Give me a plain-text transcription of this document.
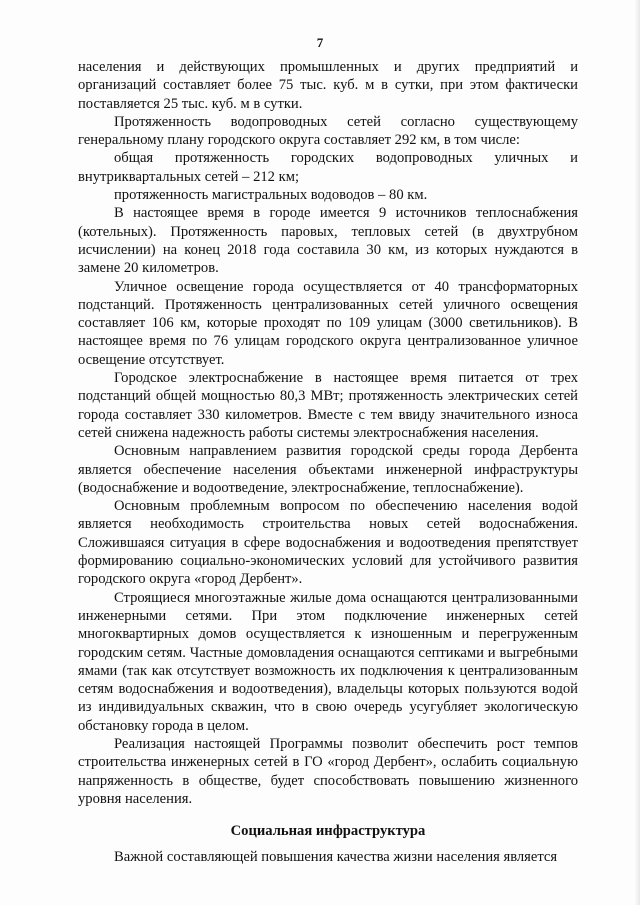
7

населения и действующих промышленных и других предприятий и организаций составляет более 75 тыс. куб. м в сутки, при этом фактически поставляется 25 тыс. куб. м в сутки.

Протяженность водопроводных сетей согласно существующему генеральному плану городского округа составляет 292 км, в том числе:

общая протяженность городских водопроводных уличных и внутриквартальных сетей – 212 км;

протяженность магистральных водоводов – 80 км.

В настоящее время в городе имеется 9 источников теплоснабжения (котельных). Протяженность паровых, тепловых сетей (в двухтрубном исчислении) на конец 2018 года составила 30 км, из которых нуждаются в замене 20 километров.

Уличное освещение города осуществляется от 40 трансформаторных подстанций. Протяженность централизованных сетей уличного освещения составляет 106 км, которые проходят по 109 улицам (3000 светильников). В настоящее время по 76 улицам городского округа централизованное уличное освещение отсутствует.

Городское электроснабжение в настоящее время питается от трех подстанций общей мощностью 80,3 МВт; протяженность электрических сетей города составляет 330 километров. Вместе с тем ввиду значительного износа сетей снижена надежность работы системы электроснабжения населения.

Основным направлением развития городской среды города Дербента является обеспечение населения объектами инженерной инфраструктуры (водоснабжение и водоотведение, электроснабжение, теплоснабжение).

Основным проблемным вопросом по обеспечению населения водой является необходимость строительства новых сетей водоснабжения. Сложившаяся ситуация в сфере водоснабжения и водоотведения препятствует формированию социально-экономических условий для устойчивого развития городского округа «город Дербент».

Строящиеся многоэтажные жилые дома оснащаются централизованными инженерными сетями. При этом подключение инженерных сетей многоквартирных домов осуществляется к изношенным и перегруженным городским сетям. Частные домовладения оснащаются септиками и выгребными ямами (так как отсутствует возможность их подключения к централизованным сетям водоснабжения и водоотведения), владельцы которых пользуются водой из индивидуальных скважин, что в свою очередь усугубляет экологическую обстановку города в целом.

Реализация настоящей Программы позволит обеспечить рост темпов строительства инженерных сетей в ГО «город Дербент», ослабить социальную напряженность в обществе, будет способствовать повышению жизненного уровня населения.

Социальная инфраструктура

Важной составляющей повышения качества жизни населения является
